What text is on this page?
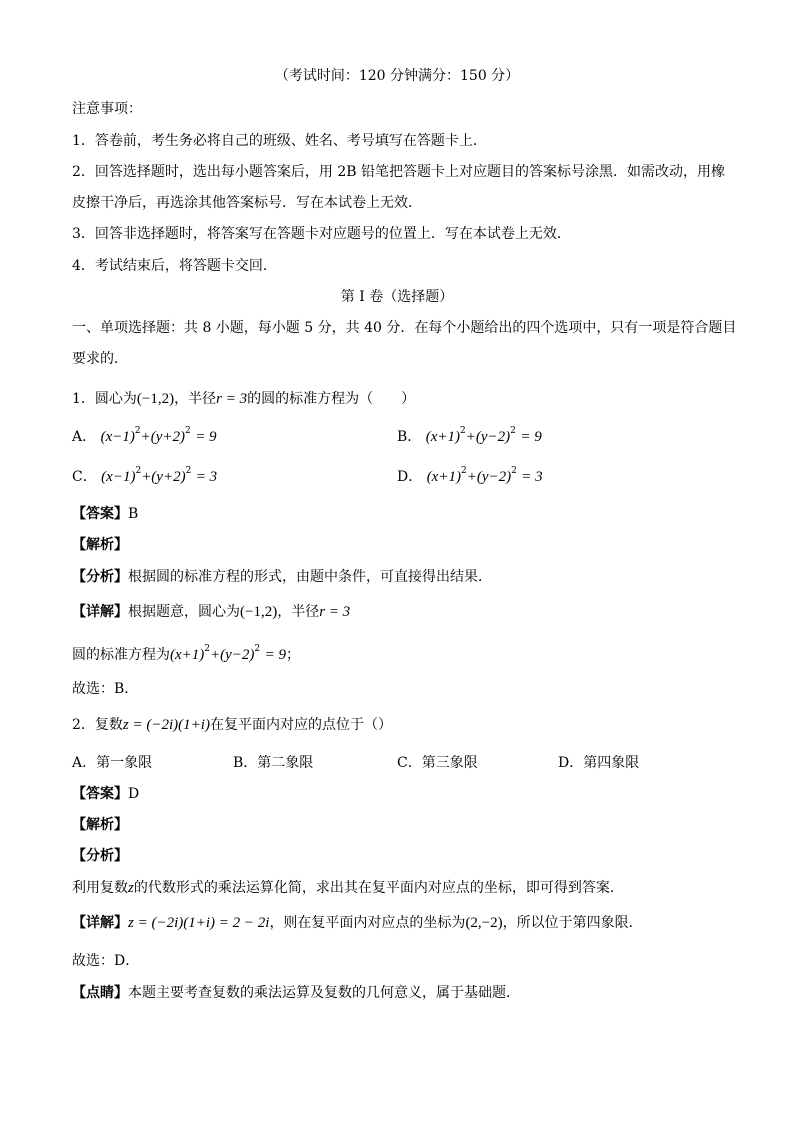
（考试时间：120 分钟满分：150 分）
注意事项：
1．答卷前，考生务必将自己的班级、姓名、考号填写在答题卡上．
2．回答选择题时，选出每小题答案后，用 2B 铅笔把答题卡上对应题目的答案标号涂黑．如需改动，用橡
皮擦干净后，再选涂其他答案标号．写在本试卷上无效．
3．回答非选择题时，将答案写在答题卡对应题号的位置上．写在本试卷上无效．
4．考试结束后，将答题卡交回．
第 I 卷（选择题）
一、单项选择题：共 8 小题，每小题 5 分，共 40 分．在每个小题给出的四个选项中，只有一项是符合题目
要求的．
1．圆心为(−1,2)，半径r = 3的圆的标准方程为（　　）
A． $(x-1)^2+(y+2)^2 = 9$	B． $(x+1)^2+(y-2)^2 = 9$
C． $(x-1)^2+(y+2)^2 = 3$	D． $(x+1)^2+(y-2)^2 = 3$
【答案】B
【解析】
【分析】根据圆的标准方程的形式，由题中条件，可直接得出结果．
【详解】根据题意，圆心为(−1,2)，半径r = 3
圆的标准方程为$(x+1)^2+(y-2)^2 = 9$；
故选：B．
2．复数z = (−2i)(1+i)在复平面内对应的点位于（）
A．第一象限	B．第二象限	C．第三象限	D．第四象限
【答案】D
【解析】
【分析】
利用复数z的代数形式的乘法运算化简，求出其在复平面内对应点的坐标，即可得到答案．
【详解】z = (−2i)(1+i) = 2 − 2i，则在复平面内对应点的坐标为(2,−2)，所以位于第四象限．
故选：D．
【点睛】本题主要考查复数的乘法运算及复数的几何意义，属于基础题．
